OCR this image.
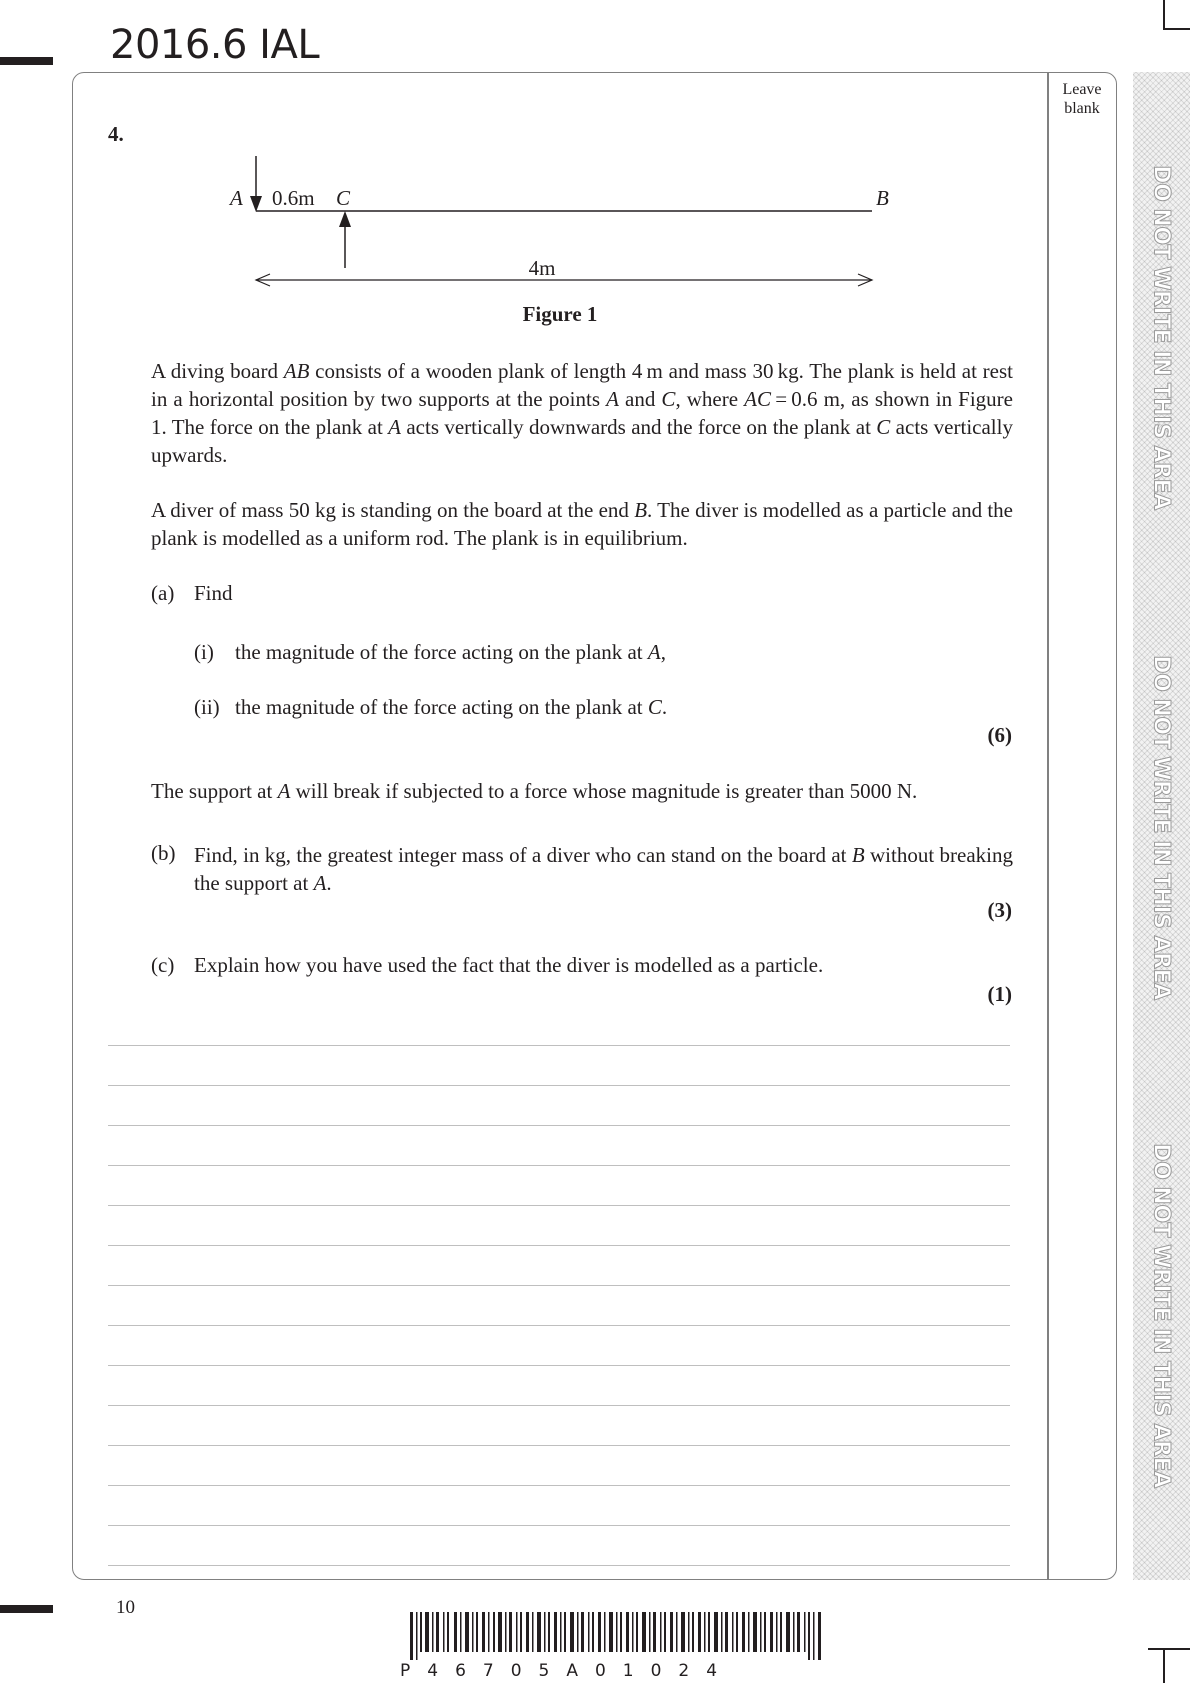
2016.6 IAL
Leave
blank
DO NOT WRITE IN THIS AREA
DO NOT WRITE IN THIS AREA
DO NOT WRITE IN THIS AREA
4.
A 0.6m C	B
4m
Figure 1
A diving board AB consists of a wooden plank of length 4 m and mass 30 kg. The plank is held at rest in a horizontal position by two supports at the points A and C, where AC = 0.6 m, as shown in Figure 1. The force on the plank at A acts vertically downwards and the force on the plank at C acts vertically upwards.
A diver of mass 50 kg is standing on the board at the end B. The diver is modelled as a particle and the plank is modelled as a uniform rod. The plank is in equilibrium.
(a) Find
(i) the magnitude of the force acting on the plank at A,
(ii) the magnitude of the force acting on the plank at C.
(6)
The support at A will break if subjected to a force whose magnitude is greater than 5000 N.
(b) Find, in kg, the greatest integer mass of a diver who can stand on the board at B without breaking the support at A.
(3)
(c) Explain how you have used the fact that the diver is modelled as a particle.
(1)
10
P46705A01024
